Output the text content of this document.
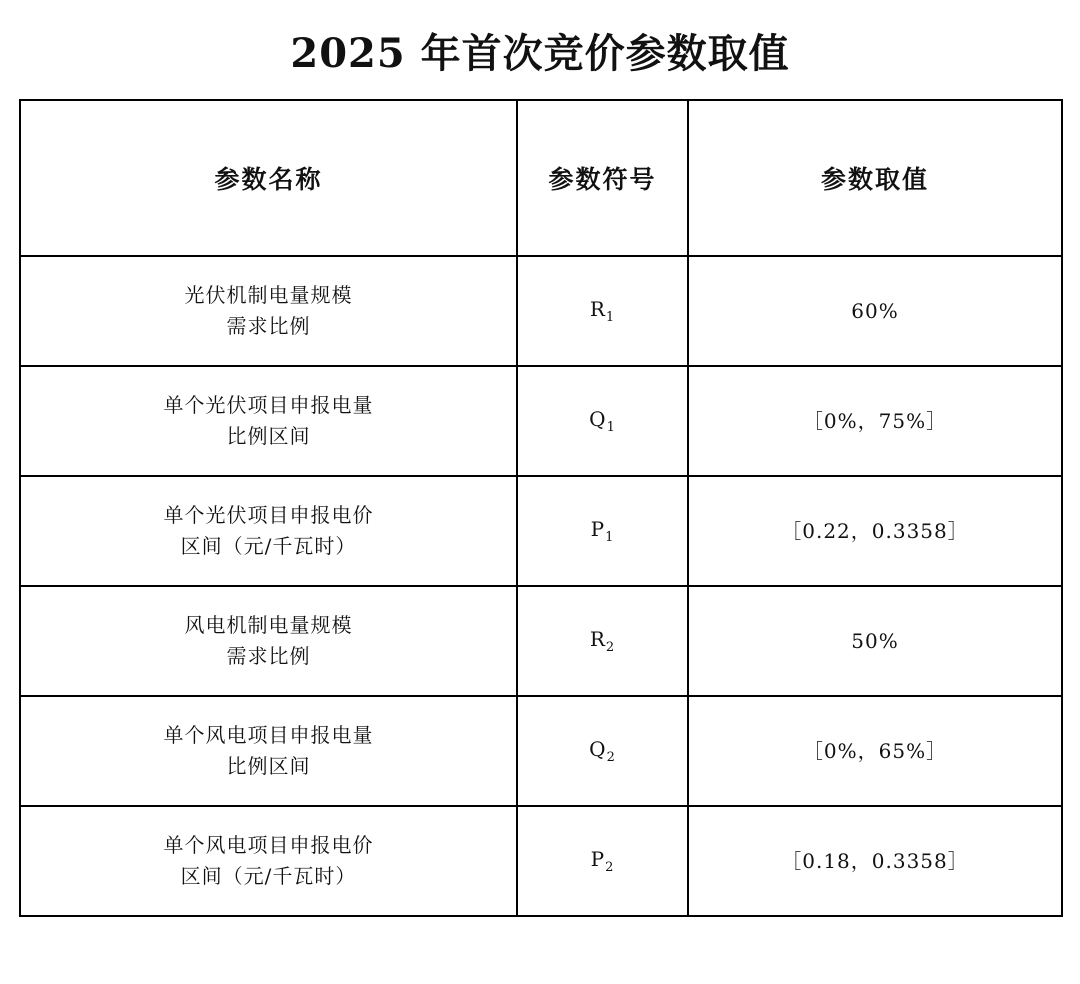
2025 年首次竞价参数取值
参数名称	参数符号	参数取值

光伏机制电量规模
需求比例	$R_1$	60%

单个光伏项目申报电量
比例区间	$Q_1$	［0%，75%］

单个光伏项目申报电价
区间（元/千瓦时）	$P_1$	［0.22，0.3358］

风电机制电量规模
需求比例	$R_2$	50%

单个风电项目申报电量
比例区间	$Q_2$	［0%，65%］

单个风电项目申报电价
区间（元/千瓦时）	$P_2$	［0.18，0.3358］
